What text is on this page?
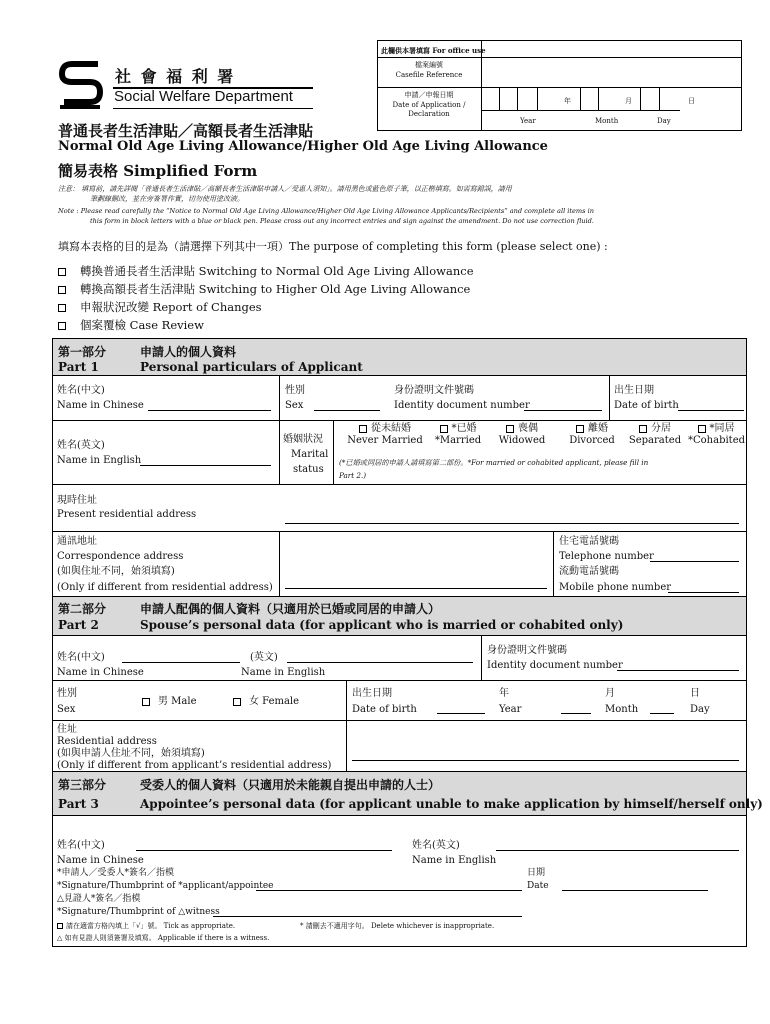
此欄供本署填寫 For office use
檔案編號
Casefile Reference
申請／申報日期
Date of Application / Declaration
年	月	日
Year	Month	Day
社 會 福 利 署
Social Welfare Department
普通長者生活津貼／高額長者生活津貼
Normal Old Age Living Allowance/Higher Old Age Living Allowance
簡易表格 Simplified Form
注意： 填寫前，請先詳閱「普通長者生活津貼／高額長者生活津貼申請人／受惠人須知」。請用黑色或藍色原子筆，以正楷填寫。如需寫錯誤，請用
筆劃線刪改，並在旁簽署作實，切勿使用塗改液。
Note : Please read carefully the “Notice to Normal Old Age Living Allowance/Higher Old Age Living Allowance Applicants/Recipients” and complete all items in
this form in block letters with a blue or black pen. Please cross out any incorrect entries and sign against the amendment. Do not use correction fluid.
填寫本表格的目的是為（請選擇下列其中一項）The purpose of completing this form (please select one) :
轉換普通長者生活津貼 Switching to Normal Old Age Living Allowance
轉換高額長者生活津貼 Switching to Higher Old Age Living Allowance
申報狀況改變 Report of Changes
個案覆檢 Case Review
第一部分
Part 1
申請人的個人資料
Personal particulars of Applicant
姓名(中文)
Name in Chinese
性別
Sex
身份證明文件號碼
Identity document number
出生日期
Date of birth
姓名(英文)
Name in English
婚姻狀況
Marital
status
從未結婚
Never Married
*已婚
*Married
喪偶
Widowed
離婚
Divorced
分居
Separated
*同居
*Cohabited
(*已婚或同居的申請人請填寫第二部份。*For married or cohabited applicant, please fill in
Part 2.)
現時住址
Present residential address
通訊地址
Correspondence address
(如與住址不同，始須填寫)
(Only if different from residential address)
住宅電話號碼
Telephone number
流動電話號碼
Mobile phone number
第二部分
Part 2
申請人配偶的個人資料（只適用於已婚或同居的申請人）
Spouse’s personal data (for applicant who is married or cohabited only)
姓名(中文)
Name in Chinese
(英文)
Name in English
身份證明文件號碼
Identity document number
性別
Sex
男 Male	女 Female
出生日期
Date of birth
年
Year
月
Month
日
Day
住址
Residential address
(如與申請人住址不同，始須填寫)
(Only if different from applicant’s residential address)
第三部分
Part 3
受委人的個人資料（只適用於未能親自提出申請的人士）
Appointee’s personal data (for applicant unable to make application by himself/herself only)
姓名(中文)
Name in Chinese
姓名(英文)
Name in English
*申請人／受委人*簽名／指模
*Signature/Thumbprint of *applicant/appointee
日期
Date
△見證人*簽名／指模
*Signature/Thumbprint of △witness
請在適當方格內填上「√」號。 Tick as appropriate.	* 請刪去不適用字句。 Delete whichever is inappropriate.
△ 如有見證人則須簽署及填寫。 Applicable if there is a witness.
